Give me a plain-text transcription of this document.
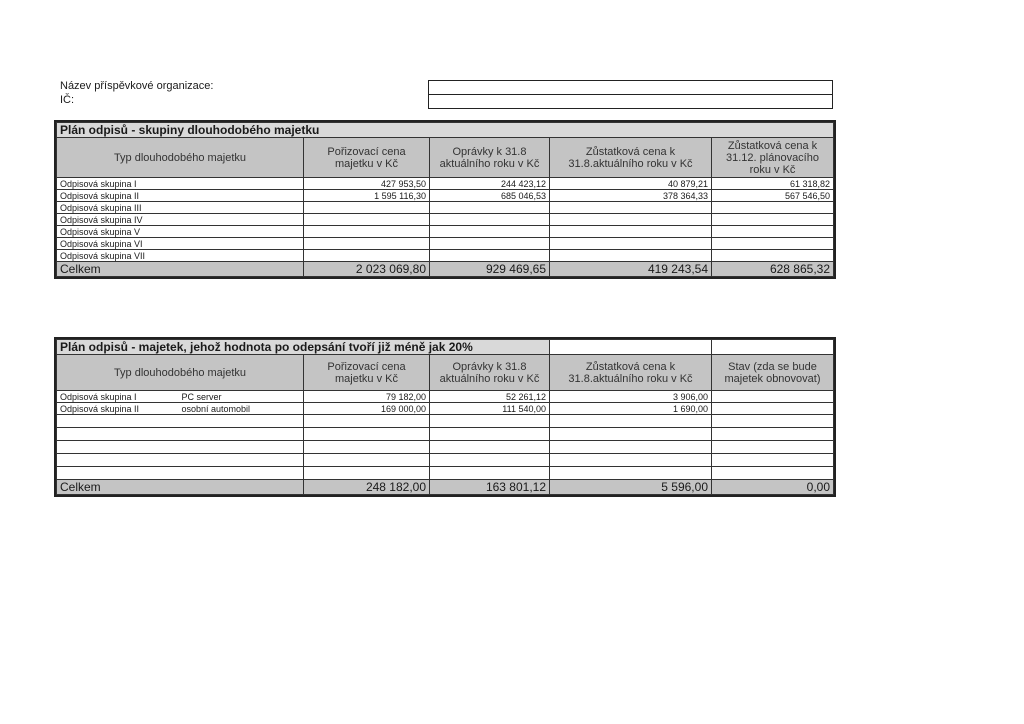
Název příspěvkové organizace:
IČ:
Plán odpisů - skupiny dlouhodobého majetku				
Typ dlouhodobého majetku	Pořizovací cena majetku v Kč	Oprávky k 31.8 aktuálního roku v Kč	Zůstatková cena k 31.8.aktuálního roku v Kč	Zůstatková cena k 31.12. plánovacího roku v Kč
Odpisová skupina I	427 953,50	244 423,12	40 879,21	61 318,82
Odpisová skupina II	1 595 116,30	685 046,53	378 364,33	567 546,50
Odpisová skupina III				
Odpisová skupina IV				
Odpisová skupina V				
Odpisová skupina VI				
Odpisová skupina VII				
Celkem	2 023 069,80	929 469,65	419 243,54	628 865,32
Plán odpisů - majetek, jehož hodnota po odepsání tvoří již méně jak 20%					
Typ dlouhodobého majetku		Pořizovací cena majetku v Kč	Oprávky k 31.8 aktuálního roku v Kč	Zůstatková cena k 31.8.aktuálního roku v Kč	Stav (zda se bude majetek obnovovat)
Odpisová skupina I	PC server	79 182,00	52 261,12	3 906,00	
Odpisová skupina II	osobní automobil	169 000,00	111 540,00	1 690,00	

Celkem		248 182,00	163 801,12	5 596,00	0,00
